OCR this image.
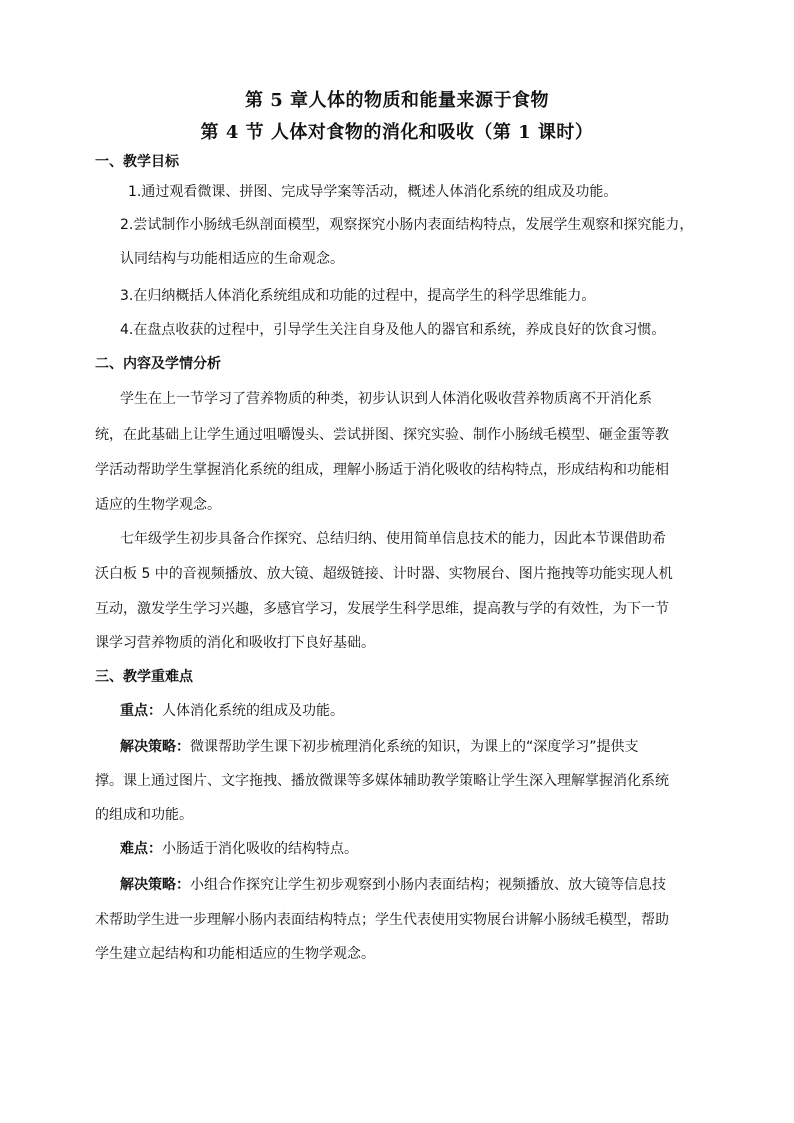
第 5 章人体的物质和能量来源于食物
第 4 节 人体对食物的消化和吸收（第 1 课时）
一、教学目标
1.通过观看微课、拼图、完成导学案等活动，概述人体消化系统的组成及功能。
2.尝试制作小肠绒毛纵剖面模型，观察探究小肠内表面结构特点，发展学生观察和探究能力，
认同结构与功能相适应的生命观念。
3.在归纳概括人体消化系统组成和功能的过程中，提高学生的科学思维能力。
4.在盘点收获的过程中，引导学生关注自身及他人的器官和系统，养成良好的饮食习惯。
二、内容及学情分析
学生在上一节学习了营养物质的种类，初步认识到人体消化吸收营养物质离不开消化系
统，在此基础上让学生通过咀嚼馒头、尝试拼图、探究实验、制作小肠绒毛模型、砸金蛋等教
学活动帮助学生掌握消化系统的组成，理解小肠适于消化吸收的结构特点，形成结构和功能相
适应的生物学观念。
七年级学生初步具备合作探究、总结归纳、使用简单信息技术的能力，因此本节课借助希
沃白板 5 中的音视频播放、放大镜、超级链接、计时器、实物展台、图片拖拽等功能实现人机
互动，激发学生学习兴趣，多感官学习，发展学生科学思维，提高教与学的有效性，为下一节
课学习营养物质的消化和吸收打下良好基础。
三、教学重难点
重点：人体消化系统的组成及功能。
解决策略：微课帮助学生课下初步梳理消化系统的知识，为课上的“深度学习”提供支
撑。课上通过图片、文字拖拽、播放微课等多媒体辅助教学策略让学生深入理解掌握消化系统
的组成和功能。
难点：小肠适于消化吸收的结构特点。
解决策略：小组合作探究让学生初步观察到小肠内表面结构；视频播放、放大镜等信息技
术帮助学生进一步理解小肠内表面结构特点；学生代表使用实物展台讲解小肠绒毛模型，帮助
学生建立起结构和功能相适应的生物学观念。
